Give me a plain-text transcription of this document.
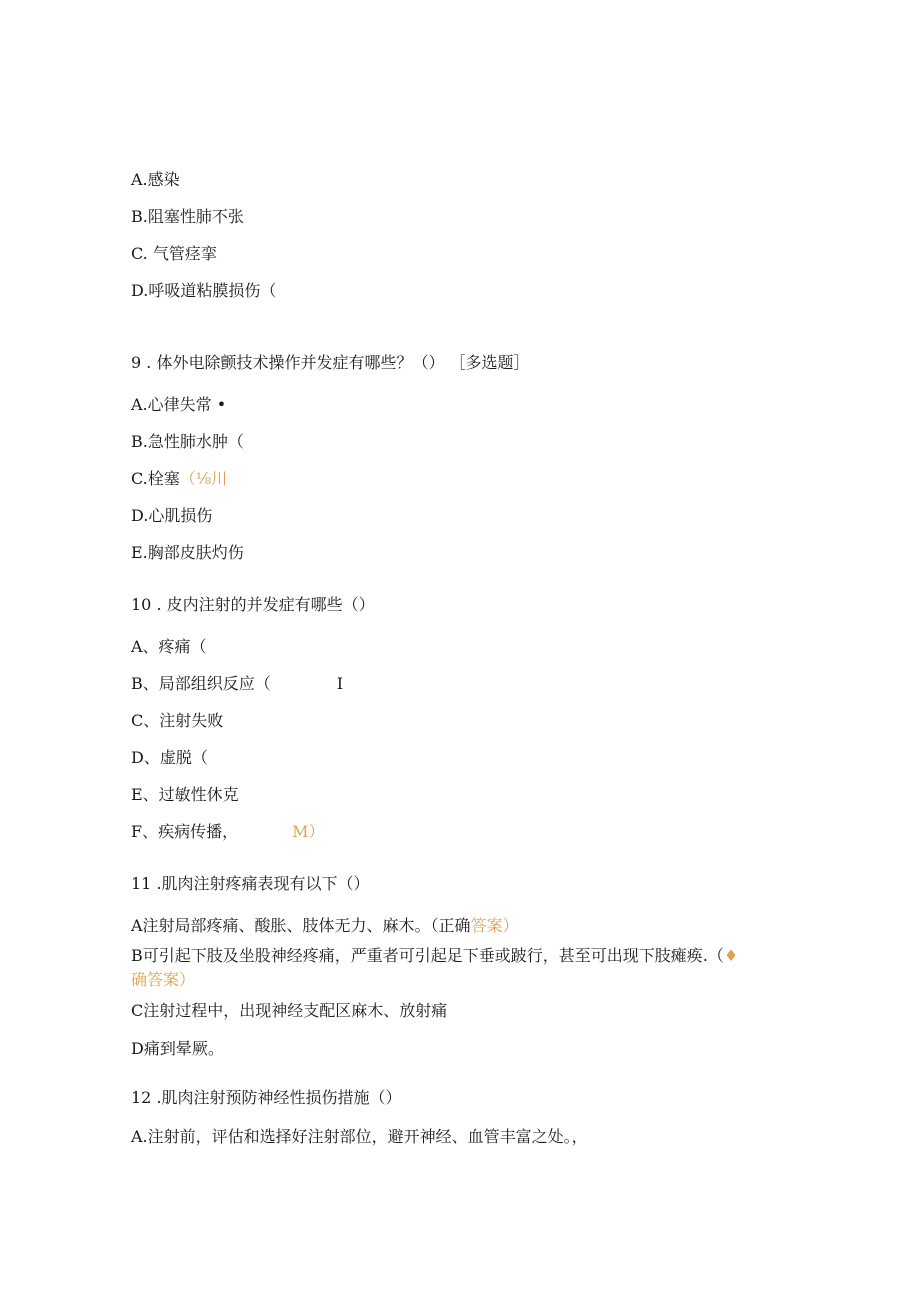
A.感染
B.阻塞性肺不张
C. 气管痉挛
D.呼吸道粘膜损伤（
9 . 体外电除颤技术操作并发症有哪些？（） ［多选题］
A.心律失常 •
B.急性肺水肿（
C.栓塞（⅛川
D.心肌损伤
E.胸部皮肤灼伤
10 . 皮内注射的并发症有哪些（）
A、疼痛（
B、局部组织反应（	I
C、注射失败
D、虚脱（
E、过敏性休克
F、疾病传播，	M）
11 .肌肉注射疼痛表现有以下（）
A注射局部疼痛、酸胀、肢体无力、麻木。（正确答案）
B可引起下肢及坐股神经疼痛，严重者可引起足下垂或跛行，甚至可出现下肢瘫痪.（♦
确答案）
C注射过程中，出现神经支配区麻木、放射痛
D痛到晕厥。
12 .肌肉注射预防神经性损伤措施（）
A.注射前，评估和选择好注射部位，避开神经、血管丰富之处。，
